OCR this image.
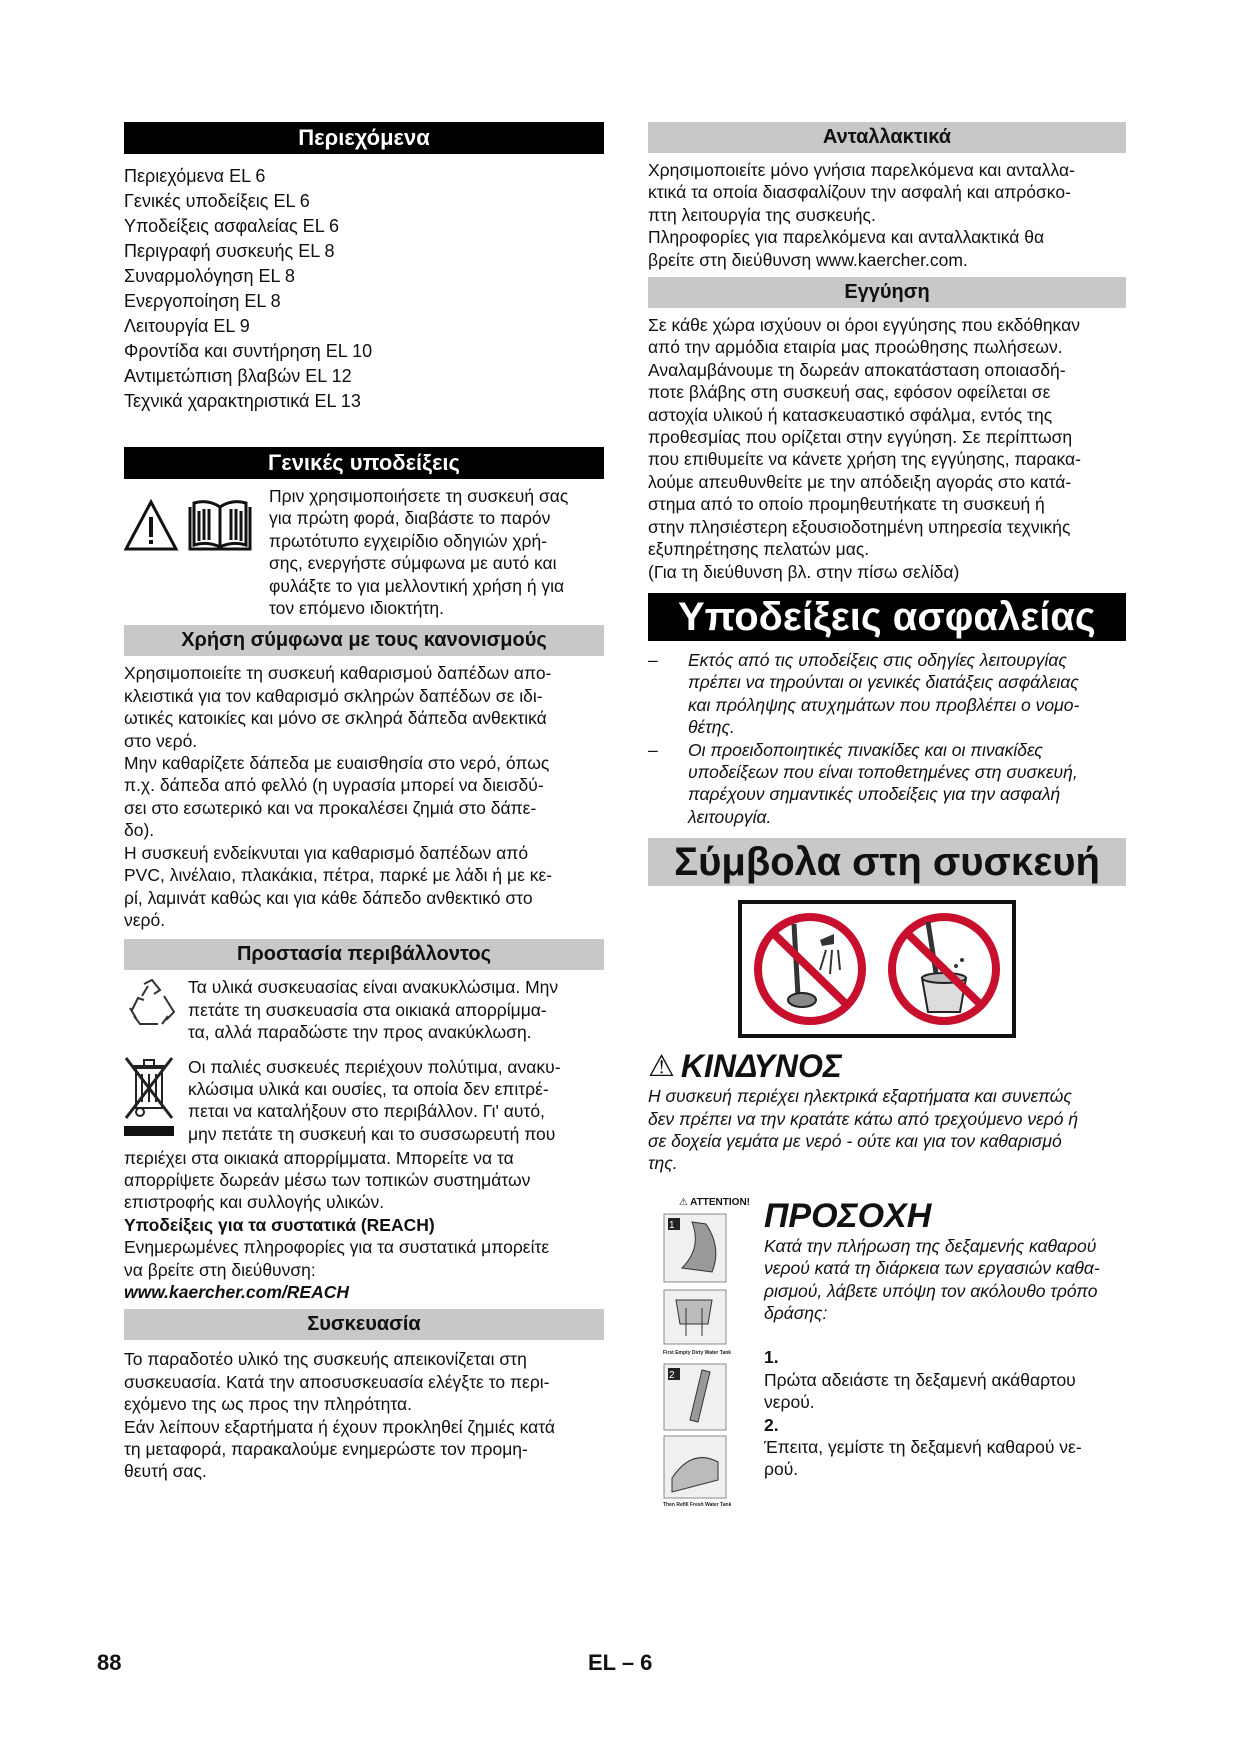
Περιεχόμενα
Περιεχόμενα EL 6
Γενικές υποδείξεις EL 6
Υποδείξεις ασφαλείας EL 6
Περιγραφή συσκευής EL 8
Συναρμολόγηση EL 8
Ενεργοποίηση EL 8
Λειτουργία EL 9
Φροντίδα και συντήρηση EL 10
Αντιμετώπιση βλαβών EL 12
Τεχνικά χαρακτηριστικά EL 13
Γενικές υποδείξεις

Πριν χρησιμοποιήσετε τη συσκευή σας

για πρώτη φορά, διαβάστε το παρόν

πρωτότυπο εγχειρίδιο οδηγιών χρή-

σης, ενεργήστε σύμφωνα με αυτό και

φυλάξτε το για μελλοντική χρήση ή για

τον επόμενο ιδιοκτήτη.

Χρήση σύμφωνα με τους κανονισμούς

Χρησιμοποιείτε τη συσκευή καθαρισμού δαπέδων απο-

κλειστικά για τον καθαρισμό σκληρών δαπέδων σε ιδι-

ωτικές κατοικίες και μόνο σε σκληρά δάπεδα ανθεκτικά

στο νερό.

Μην καθαρίζετε δάπεδα με ευαισθησία στο νερό, όπως

π.χ. δάπεδα από φελλό (η υγρασία μπορεί να διεισδύ-

σει στο εσωτερικό και να προκαλέσει ζημιά στο δάπε-

δο).

Η συσκευή ενδείκνυται για καθαρισμό δαπέδων από

PVC, λινέλαιο, πλακάκια, πέτρα, παρκέ με λάδι ή με κε-

ρί, λαμινάτ καθώς και για κάθε δάπεδο ανθεκτικό στο

νερό.

Προστασία περιβάλλοντος

Τα υλικά συσκευασίας είναι ανακυκλώσιμα. Μην

πετάτε τη συσκευασία στα οικιακά απορρίμμα-

τα, αλλά παραδώστε την προς ανακύκλωση.

Οι παλιές συσκευές περιέχουν πολύτιμα, ανακυ-

κλώσιμα υλικά και ουσίες, τα οποία δεν επιτρέ-

πεται να καταλήξουν στο περιβάλλον. Γι' αυτό,

μην πετάτε τη συσκευή και το συσσωρευτή που

περιέχει στα οικιακά απορρίμματα. Μπορείτε να τα

απορρίψετε δωρεάν μέσω των τοπικών συστημάτων

επιστροφής και συλλογής υλικών.

Υποδείξεις για τα συστατικά (REACH)

Ενημερωμένες πληροφορίες για τα συστατικά μπορείτε

να βρείτε στη διεύθυνση:

www.kaercher.com/REACH

Συσκευασία

Το παραδοτέο υλικό της συσκευής απεικονίζεται στη

συσκευασία. Κατά την αποσυσκευασία ελέγξτε το περι-

εχόμενο της ως προς την πληρότητα.

Εάν λείπουν εξαρτήματα ή έχουν προκληθεί ζημιές κατά

τη μεταφορά, παρακαλούμε ενημερώστε τον προμη-

θευτή σας.

Ανταλλακτικά

Χρησιμοποιείτε μόνο γνήσια παρελκόμενα και ανταλλα-

κτικά τα οποία διασφαλίζουν την ασφαλή και απρόσκο-

πτη λειτουργία της συσκευής.

Πληροφορίες για παρελκόμενα και ανταλλακτικά θα

βρείτε στη διεύθυνση www.kaercher.com.

Εγγύηση

Σε κάθε χώρα ισχύουν οι όροι εγγύησης που εκδόθηκαν

από την αρμόδια εταιρία μας προώθησης πωλήσεων.

Αναλαμβάνουμε τη δωρεάν αποκατάσταση οποιασδή-

ποτε βλάβης στη συσκευή σας, εφόσον οφείλεται σε

αστοχία υλικού ή κατασκευαστικό σφάλμα, εντός της

προθεσμίας που ορίζεται στην εγγύηση. Σε περίπτωση

που επιθυμείτε να κάνετε χρήση της εγγύησης, παρακα-

λούμε απευθυνθείτε με την απόδειξη αγοράς στο κατά-

στημα από το οποίο προμηθευτήκατε τη συσκευή ή

στην πλησιέστερη εξουσιοδοτημένη υπηρεσία τεχνικής

εξυπηρέτησης πελατών μας.

(Για τη διεύθυνση βλ. στην πίσω σελίδα)

Υποδείξεις ασφαλείας
–	Εκτός από τις υποδείξεις στις οδηγίες λειτουργίας
πρέπει να τηρούνται οι γενικές διατάξεις ασφάλειας
και πρόληψης ατυχημάτων που προβλέπει ο νομο-
θέτης.
–	Οι προειδοποιητικές πινακίδες και οι πινακίδες
υποδείξεων που είναι τοποθετημένες στη συσκευή,
παρέχουν σημαντικές υποδείξεις για την ασφαλή
λειτουργία.
Σύμβολα στη συσκευή
⚠ ΚΙΝΔΥΝΟΣ

Η συσκευή περιέχει ηλεκτρικά εξαρτήματα και συνεπώς

δεν πρέπει να την κρατάτε κάτω από τρεχούμενο νερό ή

σε δοχεία γεμάτα με νερό - ούτε και για τον καθαρισμό

της.

⚠ ATTENTION!
1
First Empty Dirty Water Tank
2
Then Refill Fresh Water Tank
ΠΡΟΣΟΧΗ

Κατά την πλήρωση της δεξαμενής καθαρού

νερού κατά τη διάρκεια των εργασιών καθα-

ρισμού, λάβετε υπόψη τον ακόλουθο τρόπο

δράσης:

1.

Πρώτα αδειάστε τη δεξαμενή ακάθαρτου

νερού.

2.

Έπειτα, γεμίστε τη δεξαμενή καθαρού νε-

ρού.

88	EL – 6
